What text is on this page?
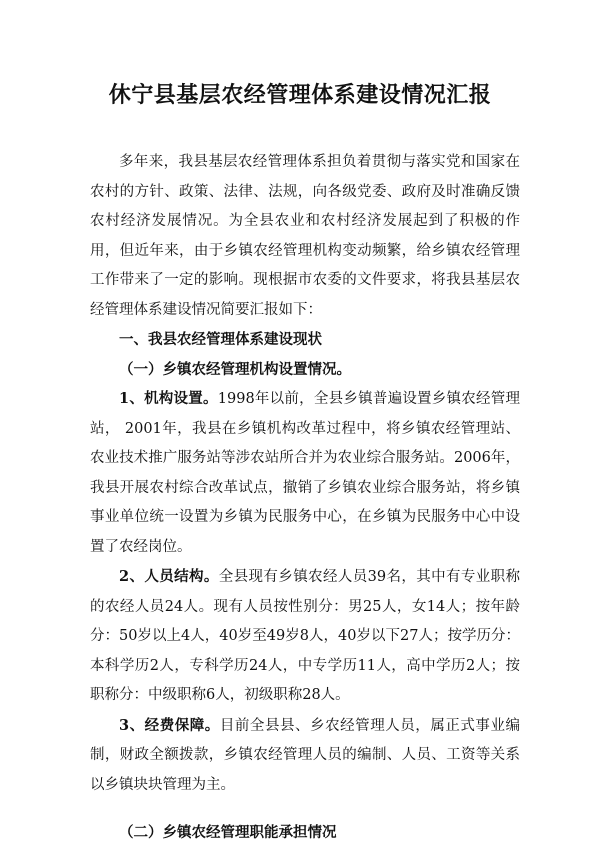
休宁县基层农经管理体系建设情况汇报

多年来，我县基层农经管理体系担负着贯彻与落实党和国家在农村的方针、政策、法律、法规，向各级党委、政府及时准确反馈农村经济发展情况。为全县农业和农村经济发展起到了积极的作用，但近年来，由于乡镇农经管理机构变动频繁，给乡镇农经管理工作带来了一定的影响。现根据市农委的文件要求，将我县基层农经管理体系建设情况简要汇报如下：

一、我县农经管理体系建设现状

（一）乡镇农经管理机构设置情况。

1、机构设置。1998年以前，全县乡镇普遍设置乡镇农经管理站， 2001年，我县在乡镇机构改革过程中，将乡镇农经管理站、农业技术推广服务站等涉农站所合并为农业综合服务站。2006年，我县开展农村综合改革试点，撤销了乡镇农业综合服务站，将乡镇事业单位统一设置为乡镇为民服务中心，在乡镇为民服务中心中设置了农经岗位。

2、人员结构。全县现有乡镇农经人员39名，其中有专业职称的农经人员24人。现有人员按性别分：男25人，女14人；按年龄分：50岁以上4人，40岁至49岁8人，40岁以下27人；按学历分：本科学历2人，专科学历24人，中专学历11人，高中学历2人；按职称分：中级职称6人，初级职称28人。

3、经费保障。目前全县县、乡农经管理人员，属正式事业编制，财政全额拨款，乡镇农经管理人员的编制、人员、工资等关系以乡镇块块管理为主。

（二）乡镇农经管理职能承担情况
